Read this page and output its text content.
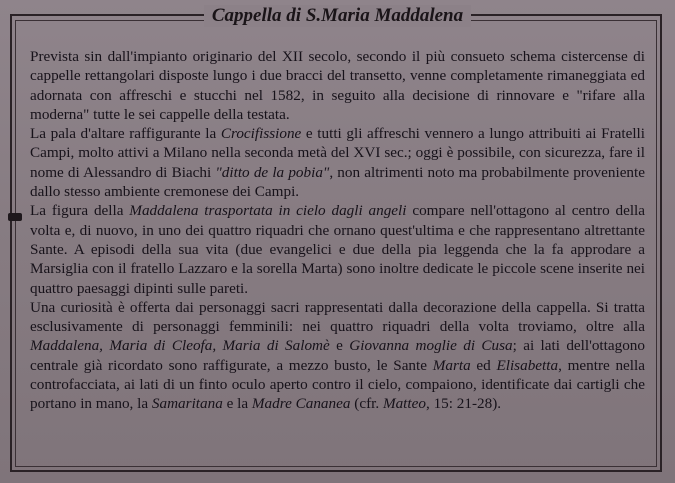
Cappella di S.Maria Maddalena

Prevista sin dall'impianto originario del XII secolo, secondo il più consueto schema cistercense di cappelle rettangolari disposte lungo i due bracci del transetto, venne completamente rimaneggiata ed adornata con affreschi e stucchi nel 1582, in seguito alla decisione di rinnovare e "rifare alla moderna" tutte le sei cappelle della testata.

La pala d'altare raffigurante la Crocifissione e tutti gli affreschi vennero a lungo attribuiti ai Fratelli Campi, molto attivi a Milano nella seconda metà del XVI sec.; oggi è possibile, con sicurezza, fare il nome di Alessandro di Biachi "ditto de la pobia", non altrimenti noto ma probabilmente proveniente dallo stesso ambiente cremonese dei Campi.

La figura della Maddalena trasportata in cielo dagli angeli compare nell'ottagono al centro della volta e, di nuovo, in uno dei quattro riquadri che ornano quest'ultima e che rappresentano altrettante Sante. A episodi della sua vita (due evangelici e due della pia leggenda che la fa approdare a Marsiglia con il fratello Lazzaro e la sorella Marta) sono inoltre dedicate le piccole scene inserite nei quattro paesaggi dipinti sulle pareti.

Una curiosità è offerta dai personaggi sacri rappresentati dalla decorazione della cappella. Si tratta esclusivamente di personaggi femminili: nei quattro riquadri della volta troviamo, oltre alla Maddalena, Maria di Cleofa, Maria di Salomè e Giovanna moglie di Cusa; ai lati dell'ottagono centrale già ricordato sono raffigurate, a mezzo busto, le Sante Marta ed Elisabetta, mentre nella controfacciata, ai lati di un finto oculo aperto contro il cielo, compaiono, identificate dai cartigli che portano in mano, la Samaritana e la Madre Cananea (cfr. Matteo, 15: 21-28).
